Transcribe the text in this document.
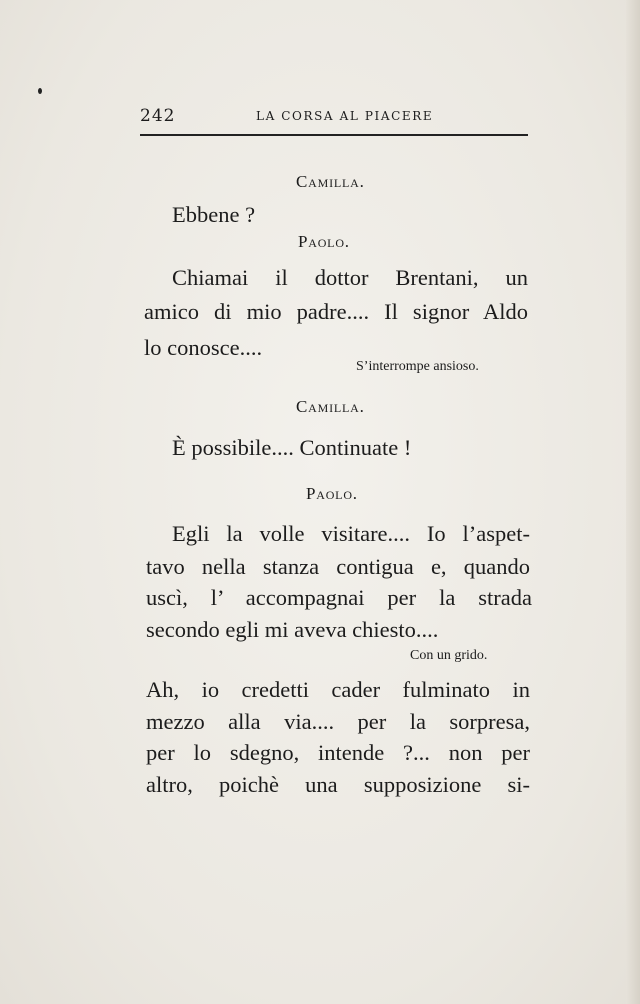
242	LA CORSA AL PIACERE
Camilla.
Ebbene ?
Paolo.
Chiamai il dottor Brentani, un
amico di mio padre.... Il signor Aldo
lo conosce....
S’interrompe ansioso.
Camilla.
È possibile.... Continuate !
Paolo.
Egli la volle visitare.... Io l’aspet-
tavo nella stanza contigua e, quando
uscì, l’ accompagnai per la strada
secondo egli mi aveva chiesto....
Con un grido.
Ah, io credetti cader fulminato in
mezzo alla via.... per la sorpresa,
per lo sdegno, intende ?... non per
altro, poichè una supposizione si-
